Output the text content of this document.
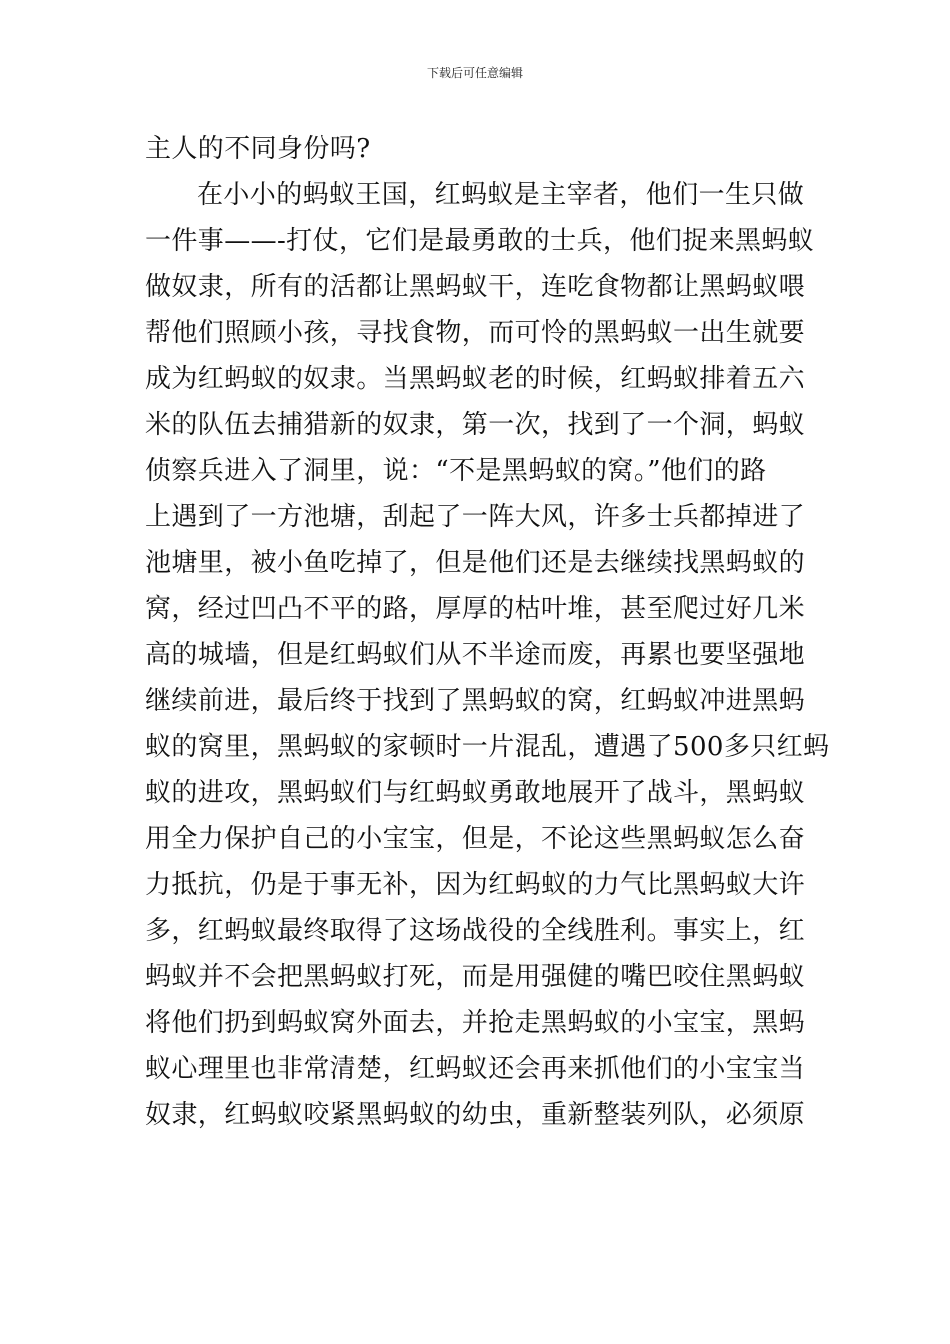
下载后可任意编辑
主人的不同身份吗?
在小小的蚂蚁王国，红蚂蚁是主宰者，他们一生只做
一件事——-打仗，它们是最勇敢的士兵，他们捉来黑蚂蚁
做奴隶，所有的活都让黑蚂蚁干，连吃食物都让黑蚂蚁喂
帮他们照顾小孩，寻找食物，而可怜的黑蚂蚁一出生就要
成为红蚂蚁的奴隶。当黑蚂蚁老的时候，红蚂蚁排着五六
米的队伍去捕猎新的奴隶，第一次，找到了一个洞，蚂蚁
侦察兵进入了洞里，说：“不是黑蚂蚁的窝。”他们的路
上遇到了一方池塘，刮起了一阵大风，许多士兵都掉进了
池塘里，被小鱼吃掉了，但是他们还是去继续找黑蚂蚁的
窝，经过凹凸不平的路，厚厚的枯叶堆，甚至爬过好几米
高的城墙，但是红蚂蚁们从不半途而废，再累也要坚强地
继续前进，最后终于找到了黑蚂蚁的窝，红蚂蚁冲进黑蚂
蚁的窝里，黑蚂蚁的家顿时一片混乱，遭遇了500多只红蚂
蚁的进攻，黑蚂蚁们与红蚂蚁勇敢地展开了战斗，黑蚂蚁
用全力保护自己的小宝宝，但是，不论这些黑蚂蚁怎么奋
力抵抗，仍是于事无补，因为红蚂蚁的力气比黑蚂蚁大许
多，红蚂蚁最终取得了这场战役的全线胜利。事实上，红
蚂蚁并不会把黑蚂蚁打死，而是用强健的嘴巴咬住黑蚂蚁
将他们扔到蚂蚁窝外面去，并抢走黑蚂蚁的小宝宝，黑蚂
蚁心理里也非常清楚，红蚂蚁还会再来抓他们的小宝宝当
奴隶，红蚂蚁咬紧黑蚂蚁的幼虫，重新整装列队，必须原
